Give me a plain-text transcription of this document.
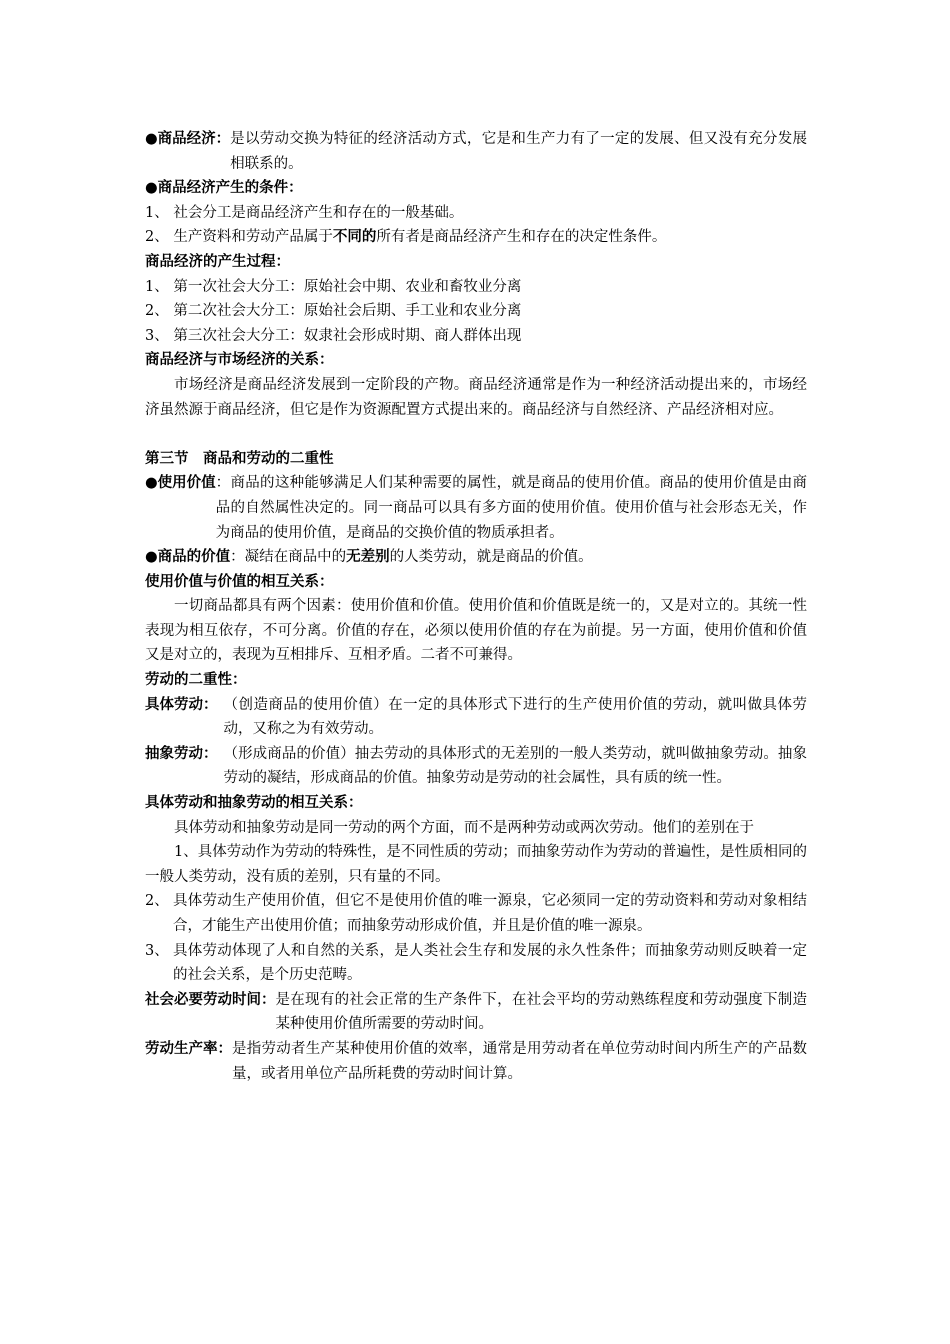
●商品经济： 是以劳动交换为特征的经济活动方式，它是和生产力有了一定的发展、但又没有充分发展相联系的。
●商品经济产生的条件：
1、 社会分工是商品经济产生和存在的一般基础。
2、 生产资料和劳动产品属于不同的所有者是商品经济产生和存在的决定性条件。
商品经济的产生过程：
1、 第一次社会大分工：原始社会中期、农业和畜牧业分离
2、 第二次社会大分工：原始社会后期、手工业和农业分离
3、 第三次社会大分工：奴隶社会形成时期、商人群体出现
商品经济与市场经济的关系：
市场经济是商品经济发展到一定阶段的产物。商品经济通常是作为一种经济活动提出来的，市场经济虽然源于商品经济，但它是作为资源配置方式提出来的。商品经济与自然经济、产品经济相对应。
第三节　商品和劳动的二重性
●使用价值 ：商品的这种能够满足人们某种需要的属性，就是商品的使用价值。商品的使用价值是由商品的自然属性决定的。同一商品可以具有多方面的使用价值。使用价值与社会形态无关，作为商品的使用价值，是商品的交换价值的物质承担者。
●商品的价值：凝结在商品中的无差别的人类劳动，就是商品的价值。
使用价值与价值的相互关系：
一切商品都具有两个因素：使用价值和价值。使用价值和价值既是统一的，又是对立的。其统一性表现为相互依存，不可分离。价值的存在，必须以使用价值的存在为前提。另一方面，使用价值和价值又是对立的，表现为互相排斥、互相矛盾。二者不可兼得。
劳动的二重性：
具体劳动： （创造商品的使用价值）在一定的具体形式下进行的生产使用价值的劳动，就叫做具体劳动，又称之为有效劳动。
抽象劳动： （形成商品的价值）抽去劳动的具体形式的无差别的一般人类劳动，就叫做抽象劳动。抽象劳动的凝结，形成商品的价值。抽象劳动是劳动的社会属性，具有质的统一性。
具体劳动和抽象劳动的相互关系：
具体劳动和抽象劳动是同一劳动的两个方面，而不是两种劳动或两次劳动。他们的差别在于
1、具体劳动作为劳动的特殊性，是不同性质的劳动；而抽象劳动作为劳动的普遍性，是性质相同的一般人类劳动，没有质的差别，只有量的不同。
2、 具体劳动生产使用价值，但它不是使用价值的唯一源泉，它必须同一定的劳动资料和劳动对象相结合，才能生产出使用价值；而抽象劳动形成价值，并且是价值的唯一源泉。
3、 具体劳动体现了人和自然的关系，是人类社会生存和发展的永久性条件；而抽象劳动则反映着一定的社会关系，是个历史范畴。
社会必要劳动时间： 是在现有的社会正常的生产条件下，在社会平均的劳动熟练程度和劳动强度下制造某种使用价值所需要的劳动时间。
劳动生产率： 是指劳动者生产某种使用价值的效率，通常是用劳动者在单位劳动时间内所生产的产品数量，或者用单位产品所耗费的劳动时间计算。
